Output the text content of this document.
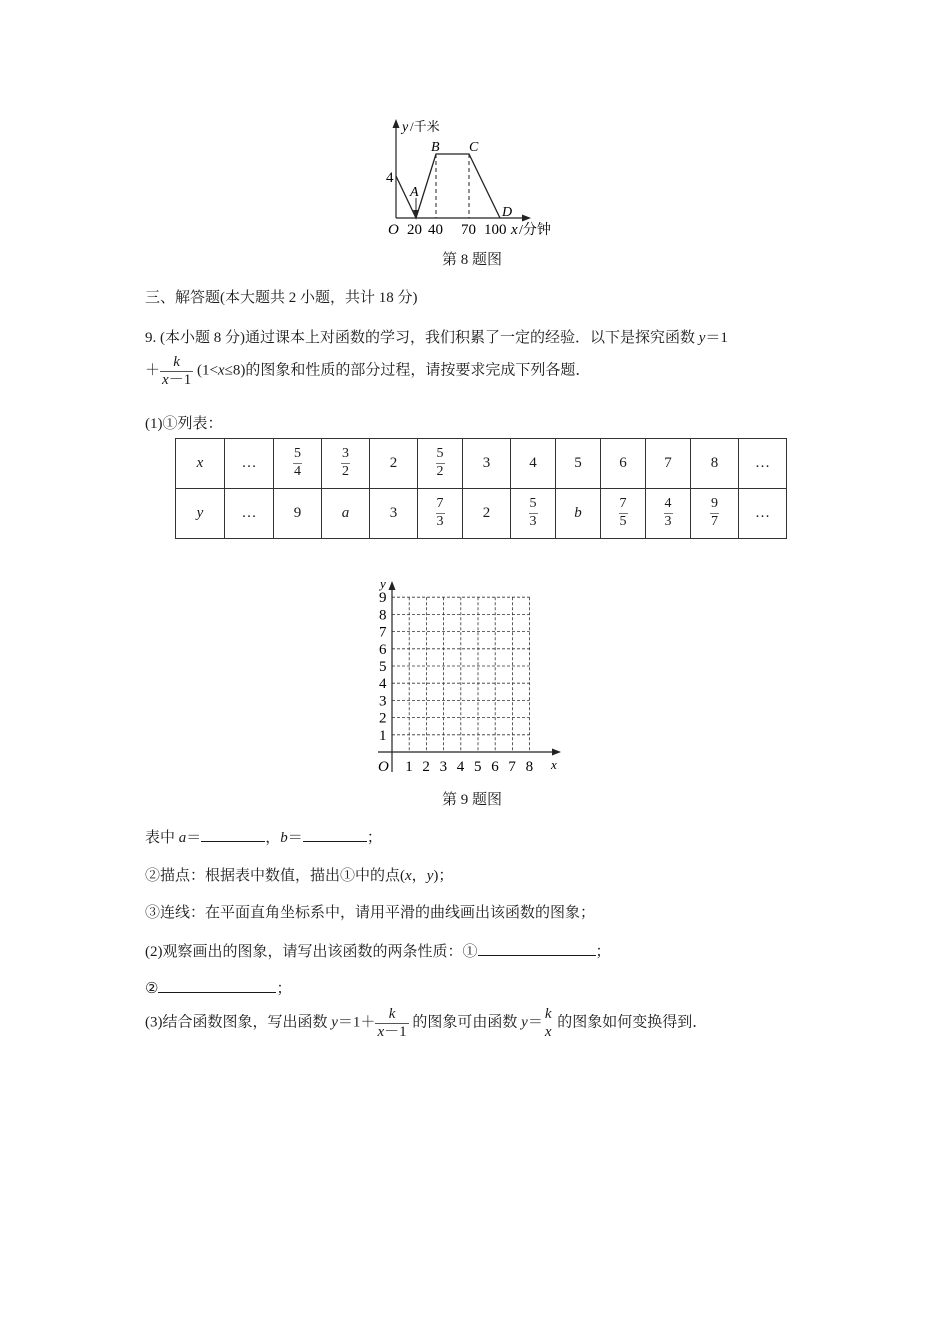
y /千米
4
A
B C
D
O 20 40 70 100 x /分钟
第 8 题图
三、解答题(本大题共 2 小题，共计 18 分)
9. (本小题 8 分)通过课本上对函数的学习，我们积累了一定的经验．以下是探究函数 y＝1
＋ $\frac{k}{x-1} (1<x\le 8)$的图象和性质的部分过程，请按要求完成下列各题．
(1)①列表：
x	…	$\frac{5}{4}$	$\frac{3}{2}$	2	$\frac{5}{2}$	3	4	5	6	7	8	…
y	…	9	a	3	$\frac{7}{3}$	2	$\frac{5}{3}$	b	$\frac{7}{5}$	$\frac{4}{3}$	$\frac{9}{7}$	…
1 2 3 4 5 6 7 8
1
2
3
4
5
6
7
8
9
O	x
y
第 9 题图
表中 a＝	，b＝	；
②描点：根据表中数值，描出①中的点(x，y)；
③连线：在平面直角坐标系中，请用平滑的曲线画出该函数的图象；
(2)观察画出的图象，请写出该函数的两条性质：①	；
②	；
(3)结合函数图象，写出函数 $y=1+ \frac{k}{x-1}$ 的图象可由函数 y＝
k
x
的图象如何变换得到．
